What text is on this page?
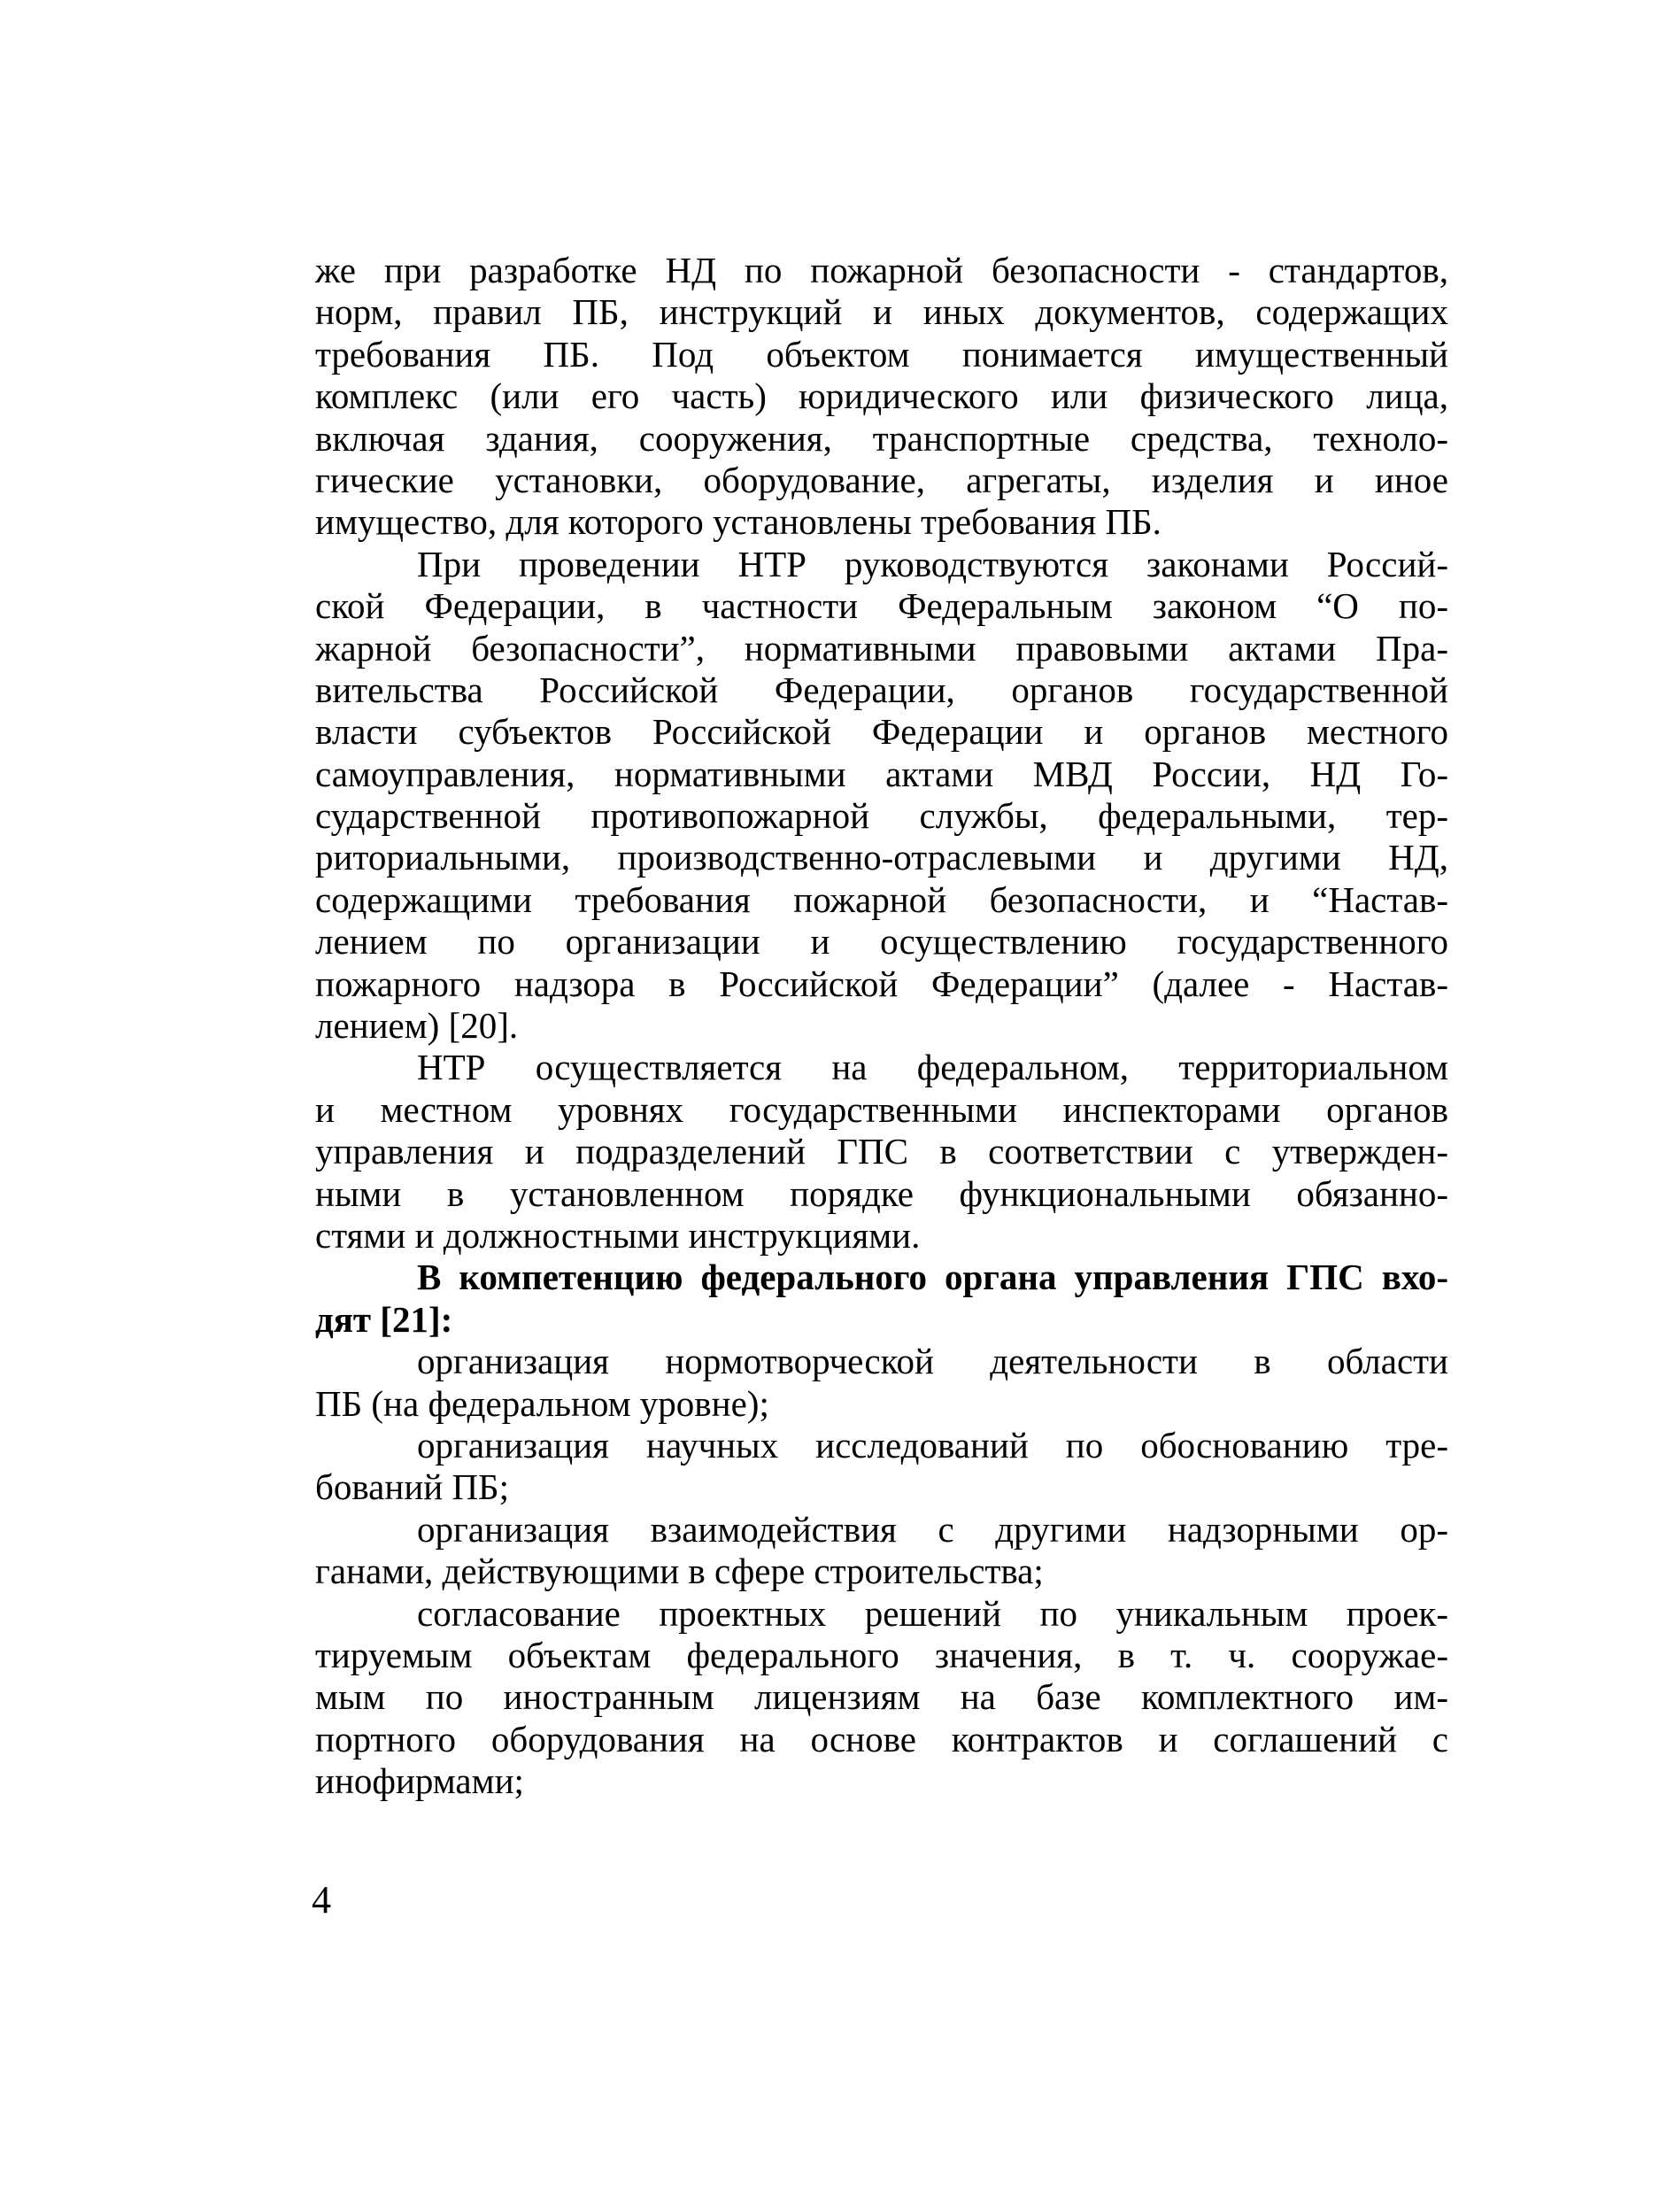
же при разработке НД по пожарной безопасности - стандартов,
норм, правил ПБ, инструкций и иных документов, содержащих
требования ПБ. Под объектом понимается имущественный
комплекс (или его часть) юридического или физического лица,
включая здания, сооружения, транспортные средства, техноло-
гические установки, оборудование, агрегаты, изделия и иное
имущество, для которого установлены требования ПБ.
При проведении НТР руководствуются законами Россий-
ской Федерации, в частности Федеральным законом “О по-
жарной безопасности”, нормативными правовыми актами Пра-
вительства Российской Федерации, органов государственной
власти субъектов Российской Федерации и органов местного
самоуправления, нормативными актами МВД России, НД Го-
сударственной противопожарной службы, федеральными, тер-
риториальными, производственно-отраслевыми и другими НД,
содержащими требования пожарной безопасности, и “Настав-
лением по организации и осуществлению государственного
пожарного надзора в Российской Федерации” (далее - Настав-
лением) [20].
НТР осуществляется на федеральном, территориальном
и местном уровнях государственными инспекторами органов
управления и подразделений ГПС в соответствии с утвержден-
ными в установленном порядке функциональными обязанно-
стями и должностными инструкциями.
В компетенцию федерального органа управления ГПС вхо-
дят [21]:
организация нормотворческой деятельности в области
ПБ (на федеральном уровне);
организация научных исследований по обоснованию тре-
бований ПБ;
организация взаимодействия с другими надзорными ор-
ганами, действующими в сфере строительства;
согласование проектных решений по уникальным проек-
тируемым объектам федерального значения, в т. ч. сооружае-
мым по иностранным лицензиям на базе комплектного им-
портного оборудования на основе контрактов и соглашений с
инофирмами;
4
